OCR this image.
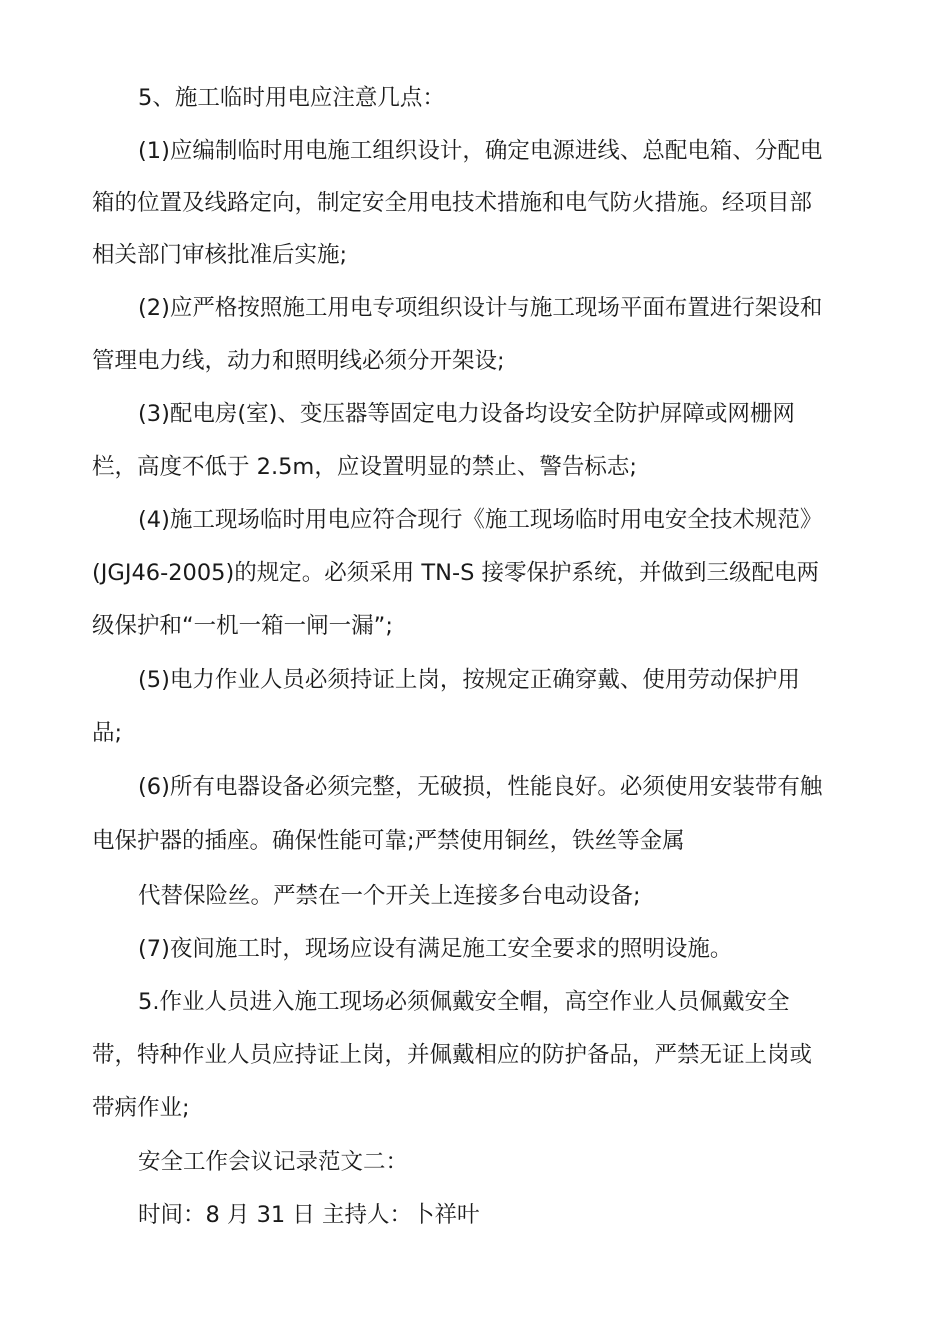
5、施工临时用电应注意几点：
(1)应编制临时用电施工组织设计，确定电源进线、总配电箱、分配电
箱的位置及线路定向，制定安全用电技术措施和电气防火措施。经项目部
相关部门审核批准后实施;
(2)应严格按照施工用电专项组织设计与施工现场平面布置进行架设和
管理电力线，动力和照明线必须分开架设;
(3)配电房(室)、变压器等固定电力设备均设安全防护屏障或网栅网
栏，高度不低于 2.5m，应设置明显的禁止、警告标志;
(4)施工现场临时用电应符合现行《施工现场临时用电安全技术规范》
(JGJ46-2005)的规定。必须采用 TN-S 接零保护系统，并做到三级配电两
级保护和“一机一箱一闸一漏”;
(5)电力作业人员必须持证上岗，按规定正确穿戴、使用劳动保护用
品;
(6)所有电器设备必须完整，无破损，性能良好。必须使用安装带有触
电保护器的插座。确保性能可靠;严禁使用铜丝，铁丝等金属
代替保险丝。严禁在一个开关上连接多台电动设备;
(7)夜间施工时，现场应设有满足施工安全要求的照明设施。
5.作业人员进入施工现场必须佩戴安全帽，高空作业人员佩戴安全
带，特种作业人员应持证上岗，并佩戴相应的防护备品，严禁无证上岗或
带病作业;
安全工作会议记录范文二：
时间：8 月 31 日 主持人：卜祥叶
